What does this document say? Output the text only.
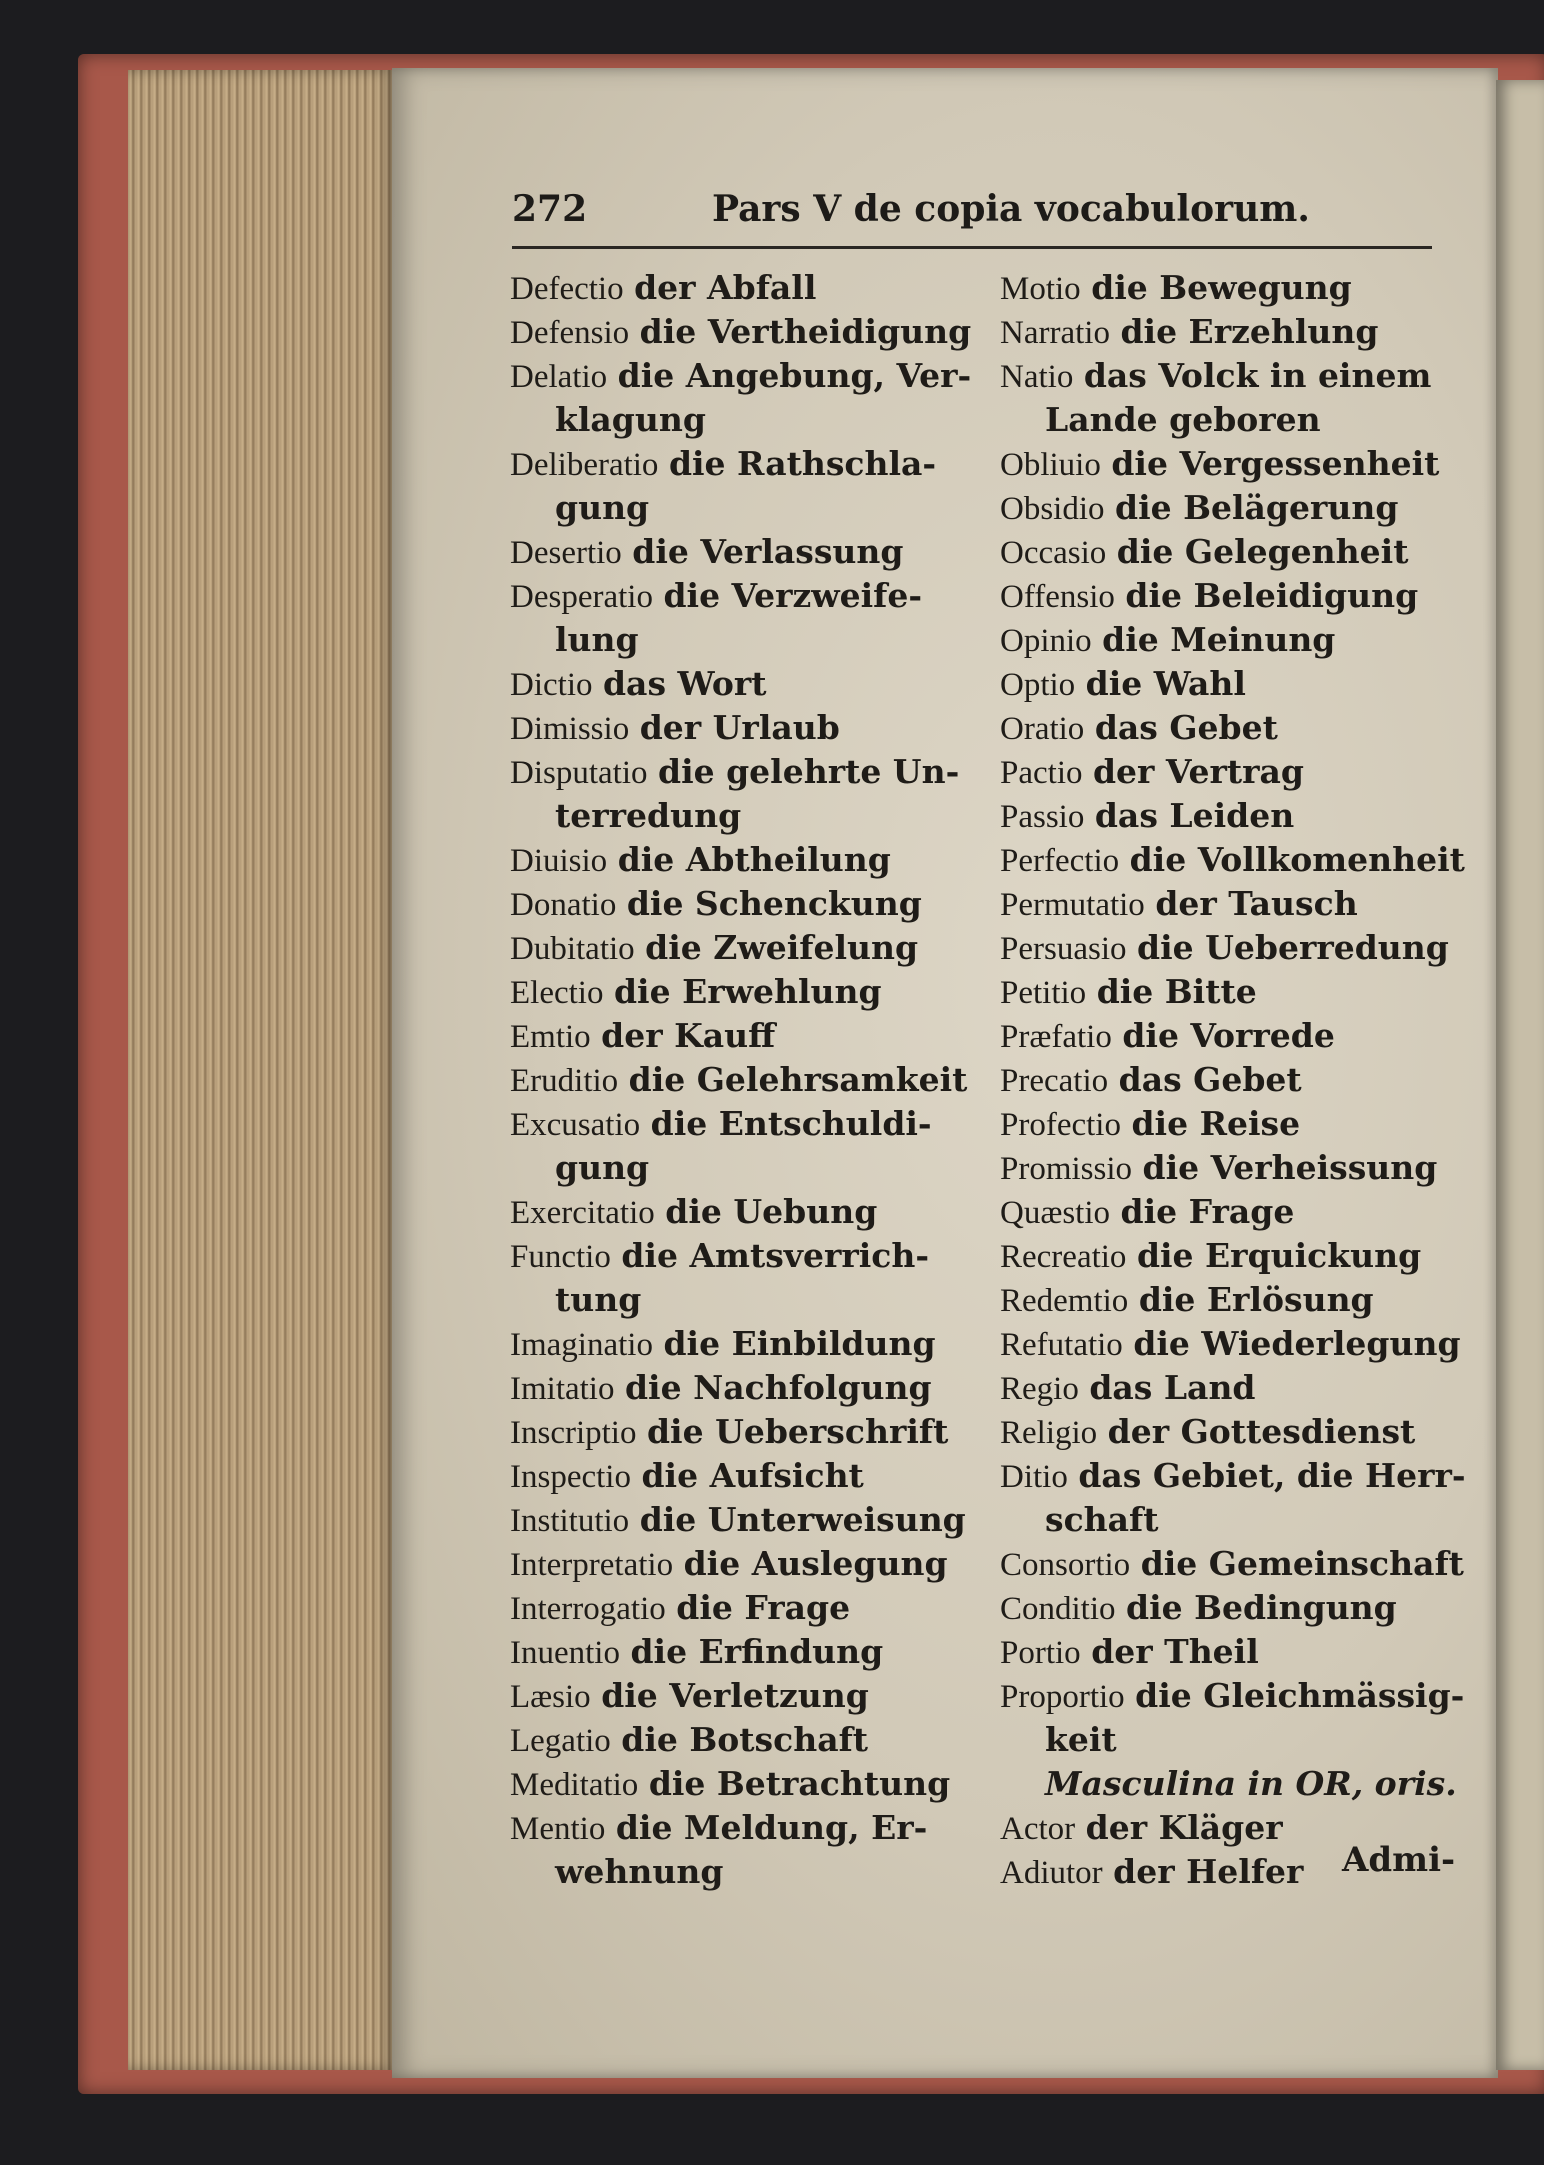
272	Pars V de copia vocabulorum.
Defectio der Abfall
Defensio die Vertheidigung
Delatio die Angebung, Ver-
klagung
Deliberatio die Rathschla-
gung
Desertio die Verlassung
Desperatio die Verzweife-
lung
Dictio das Wort
Dimissio der Urlaub
Disputatio die gelehrte Un-
terredung
Diuisio die Abtheilung
Donatio die Schenckung
Dubitatio die Zweifelung
Electio die Erwehlung
Emtio der Kauff
Eruditio die Gelehrsamkeit
Excusatio die Entschuldi-
gung
Exercitatio die Uebung
Functio die Amtsverrich-
tung
Imaginatio die Einbildung
Imitatio die Nachfolgung
Inscriptio die Ueberschrift
Inspectio die Aufsicht
Institutio die Unterweisung
Interpretatio die Auslegung
Interrogatio die Frage
Inuentio die Erfindung
Læsio die Verletzung
Legatio die Botschaft
Meditatio die Betrachtung
Mentio die Meldung, Er-
wehnung
Motio die Bewegung
Narratio die Erzehlung
Natio das Volck in einem
Lande geboren
Obliuio die Vergessenheit
Obsidio die Belägerung
Occasio die Gelegenheit
Offensio die Beleidigung
Opinio die Meinung
Optio die Wahl
Oratio das Gebet
Pactio der Vertrag
Passio das Leiden
Perfectio die Vollkomenheit
Permutatio der Tausch
Persuasio die Ueberredung
Petitio die Bitte
Præfatio die Vorrede
Precatio das Gebet
Profectio die Reise
Promissio die Verheissung
Quæstio die Frage
Recreatio die Erquickung
Redemtio die Erlösung
Refutatio die Wiederlegung
Regio das Land
Religio der Gottesdienst
Ditio das Gebiet, die Herr-
schaft
Consortio die Gemeinschaft
Conditio die Bedingung
Portio der Theil
Proportio die Gleichmässig-
keit
Masculina in OR, oris.
Actor der Kläger
Adiutor der Helfer	Admi-
